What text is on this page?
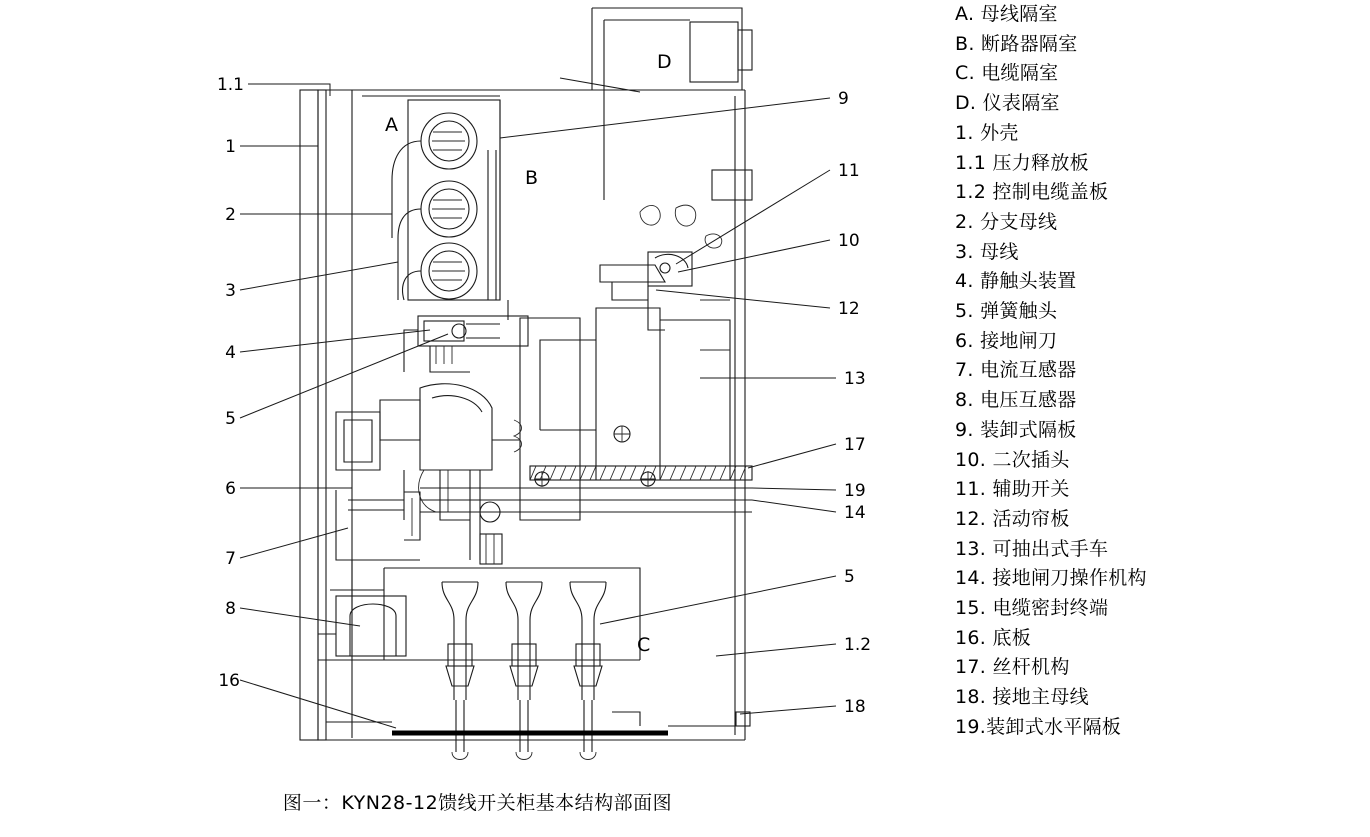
A
B
C
D
1.1
1
2
3
4
5
6
7
8
16
9
11
10
12
13
17
19
14
5
1.2
18
A. 母线隔室
B. 断路器隔室
C. 电缆隔室
D. 仪表隔室
1. 外壳
1.1 压力释放板
1.2 控制电缆盖板
2. 分支母线
3. 母线
4. 静触头装置
5. 弹簧触头
6. 接地闸刀
7. 电流互感器
8. 电压互感器
9. 装卸式隔板
10. 二次插头
11. 辅助开关
12. 活动帘板
13. 可抽出式手车
14. 接地闸刀操作机构
15. 电缆密封终端
16. 底板
17. 丝杆机构
18. 接地主母线
19.装卸式水平隔板
图一：KYN28-12馈线开关柜基本结构部面图
